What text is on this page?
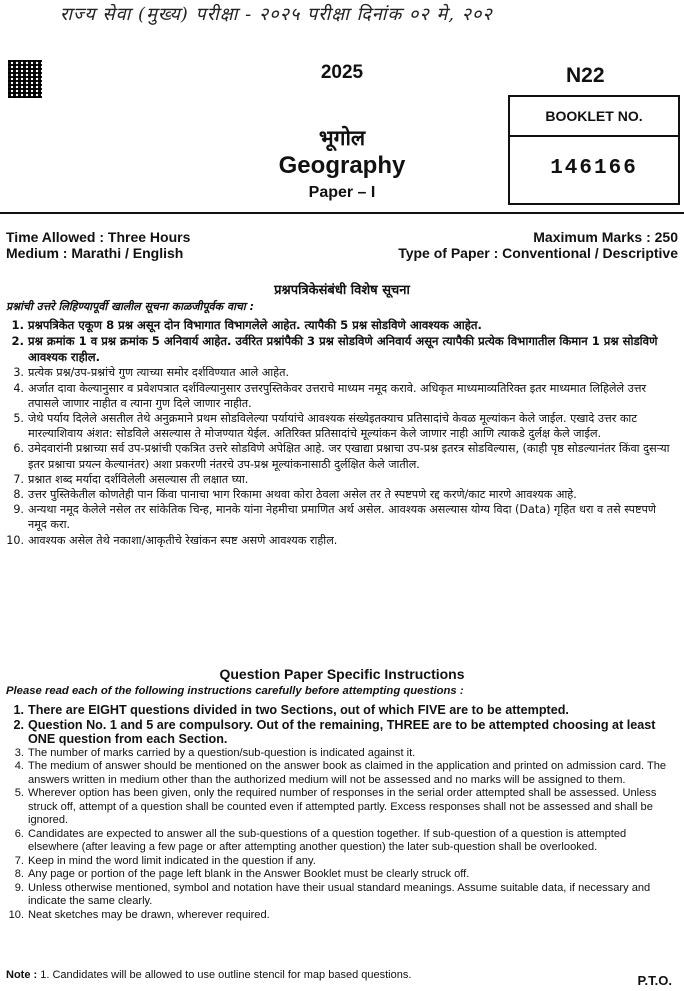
राज्य सेवा (मुख्य) परीक्षा - २०२५ परीक्षा दिनांक ०२ मे, २०२
2025	N22
BOOKLET NO.
146166
भूगोल
Geography
Paper – I
Time Allowed : Three Hours
Medium : Marathi / English
Maximum Marks : 250
Type of Paper : Conventional / Descriptive
प्रश्नपत्रिकेसंबंधी विशेष सूचना
प्रश्नांची उत्तरे लिहिण्यापूर्वी खालील सूचना काळजीपूर्वक वाचा :
1. प्रश्नपत्रिकेत एकूण 8 प्रश्न असून दोन विभागात विभागलेले आहेत. त्यापैकी 5 प्रश्न सोडविणे आवश्यक आहेत.
2. प्रश्न क्रमांक 1 व प्रश्न क्रमांक 5 अनिवार्य आहेत. उर्वरित प्रश्नांपैकी 3 प्रश्न सोडविणे अनिवार्य असून त्यापैकी प्रत्येक विभागातील किमान 1 प्रश्न सोडविणे आवश्यक राहील.
3. प्रत्येक प्रश्न/उप-प्रश्नांचे गुण त्याच्या समोर दर्शविण्यात आले आहेत.
4. अर्जात दावा केल्यानुसार व प्रवेशपत्रात दर्शविल्यानुसार उत्तरपुस्तिकेवर उत्तराचे माध्यम नमूद करावे. अधिकृत माध्यमाव्यतिरिक्त इतर माध्यमात लिहिलेले उत्तर तपासले जाणार नाहीत व त्याना गुण दिले जाणार नाहीत.
5. जेथे पर्याय दिलेले असतील तेथे अनुक्रमाने प्रथम सोडविलेल्या पर्यायांचे आवश्यक संख्येइतक्याच प्रतिसादांचे केवळ मूल्यांकन केले जाईल. एखादे उत्तर काट मारल्याशिवाय अंशत: सोडविले असल्यास ते मोजण्यात येईल. अतिरिक्त प्रतिसादांचे मूल्यांकन केले जाणार नाही आणि त्याकडे दुर्लक्ष केले जाईल.
6. उमेदवारांनी प्रश्नाच्या सर्व उप-प्रश्नांची एकत्रित उत्तरे सोडविणे अपेक्षित आहे. जर एखाद्या प्रश्नाचा उप-प्रश्न इतरत्र सोडविल्यास, (काही पृष्ठ सोडल्यानंतर किंवा दुसऱ्या इतर प्रश्नाचा प्रयत्न केल्यानंतर) अशा प्रकरणी नंतरचे उप-प्रश्न मूल्यांकनासाठी दुर्लक्षित केले जातील.
7. प्रश्नात शब्द मर्यादा दर्शविलेली असल्यास ती लक्षात घ्या.
8. उत्तर पुस्तिकेतील कोणतेही पान किंवा पानाचा भाग रिकामा अथवा कोरा ठेवला असेल तर ते स्पष्टपणे रद्द करणे/काट मारणे आवश्यक आहे.
9. अन्यथा नमूद केलेले नसेल तर सांकेतिक चिन्ह, मानके यांना नेहमीचा प्रमाणित अर्थ असेल. आवश्यक असल्यास योग्य विदा (Data) गृहित धरा व तसे स्पष्टपणे नमूद करा.
10. आवश्यक असेल तेथे नकाशा/आकृतीचे रेखांकन स्पष्ट असणे आवश्यक राहील.
Question Paper Specific Instructions
Please read each of the following instructions carefully before attempting questions :
1. There are EIGHT questions divided in two Sections, out of which FIVE are to be attempted.
2. Question No. 1 and 5 are compulsory. Out of the remaining, THREE are to be attempted choosing at least ONE question from each Section.
3. The number of marks carried by a question/sub-question is indicated against it.
4. The medium of answer should be mentioned on the answer book as claimed in the application and printed on admission card. The answers written in medium other than the authorized medium will not be assessed and no marks will be assigned to them.
5. Wherever option has been given, only the required number of responses in the serial order attempted shall be assessed. Unless struck off, attempt of a question shall be counted even if attempted partly. Excess responses shall not be assessed and shall be ignored.
6. Candidates are expected to answer all the sub-questions of a question together. If sub-question of a question is attempted elsewhere (after leaving a few page or after attempting another question) the later sub-question shall be overlooked.
7. Keep in mind the word limit indicated in the question if any.
8. Any page or portion of the page left blank in the Answer Booklet must be clearly struck off.
9. Unless otherwise mentioned, symbol and notation have their usual standard meanings. Assume suitable data, if necessary and indicate the same clearly.
10. Neat sketches may be drawn, wherever required.
Note : 1. Candidates will be allowed to use outline stencil for map based questions.	P.T.O.
